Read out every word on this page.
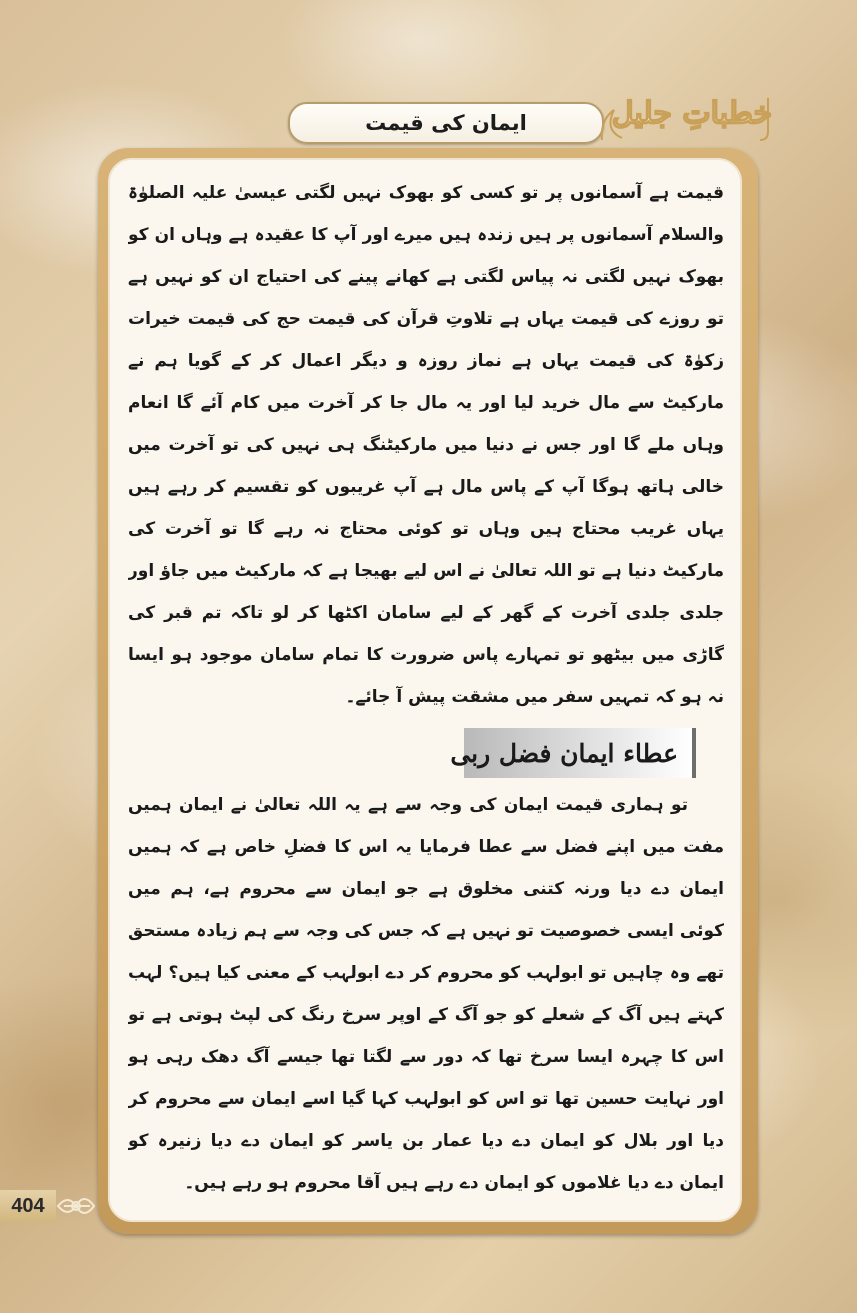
ایمان کی قیمت	خطباتِ جلیل

قیمت ہے آسمانوں پر تو کسی کو بھوک نہیں لگتی عیسیٰ علیہ الصلوٰۃ والسلام آسمانوں پر ہیں زندہ ہیں میرے اور آپ کا عقیدہ ہے وہاں ان کو بھوک نہیں لگتی نہ پیاس لگتی ہے کھانے پینے کی احتیاج ان کو نہیں ہے تو روزے کی قیمت یہاں ہے تلاوتِ قرآن کی قیمت حج کی قیمت خیرات زکوٰۃ کی قیمت یہاں ہے نماز روزہ و دیگر اعمال کر کے گویا ہم نے مارکیٹ سے مال خرید لیا اور یہ مال جا کر آخرت میں کام آئے گا انعام وہاں ملے گا اور جس نے دنیا میں مارکیٹنگ ہی نہیں کی تو آخرت میں خالی ہاتھ ہوگا آپ کے پاس مال ہے آپ غریبوں کو تقسیم کر رہے ہیں یہاں غریب محتاج ہیں وہاں تو کوئی محتاج نہ رہے گا تو آخرت کی مارکیٹ دنیا ہے تو اللہ تعالیٰ نے اس لیے بھیجا ہے کہ مارکیٹ میں جاؤ اور جلدی جلدی آخرت کے گھر کے لیے سامان اکٹھا کر لو تاکہ تم قبر کی گاڑی میں بیٹھو تو تمہارے پاس ضرورت کا تمام سامان موجود ہو ایسا نہ ہو کہ تمہیں سفر میں مشقت پیش آ جائے۔

عطاء ایمان فضل ربی

تو ہماری قیمت ایمان کی وجہ سے ہے یہ اللہ تعالیٰ نے ایمان ہمیں مفت میں اپنے فضل سے عطا فرمایا یہ اس کا فضلِ خاص ہے کہ ہمیں ایمان دے دیا ورنہ کتنی مخلوق ہے جو ایمان سے محروم ہے، ہم میں کوئی ایسی خصوصیت تو نہیں ہے کہ جس کی وجہ سے ہم زیادہ مستحق تھے وہ چاہیں تو ابولہب کو محروم کر دے ابولہب کے معنی کیا ہیں؟ لہب کہتے ہیں آگ کے شعلے کو جو آگ کے اوپر سرخ رنگ کی لپٹ ہوتی ہے تو اس کا چہرہ ایسا سرخ تھا کہ دور سے لگتا تھا جیسے آگ دھک رہی ہو اور نہایت حسین تھا تو اس کو ابولہب کہا گیا اسے ایمان سے محروم کر دیا اور بلال کو ایمان دے دیا عمار بن یاسر کو ایمان دے دیا زنیرہ کو ایمان دے دیا غلاموں کو ایمان دے رہے ہیں آقا محروم ہو رہے ہیں۔

404
